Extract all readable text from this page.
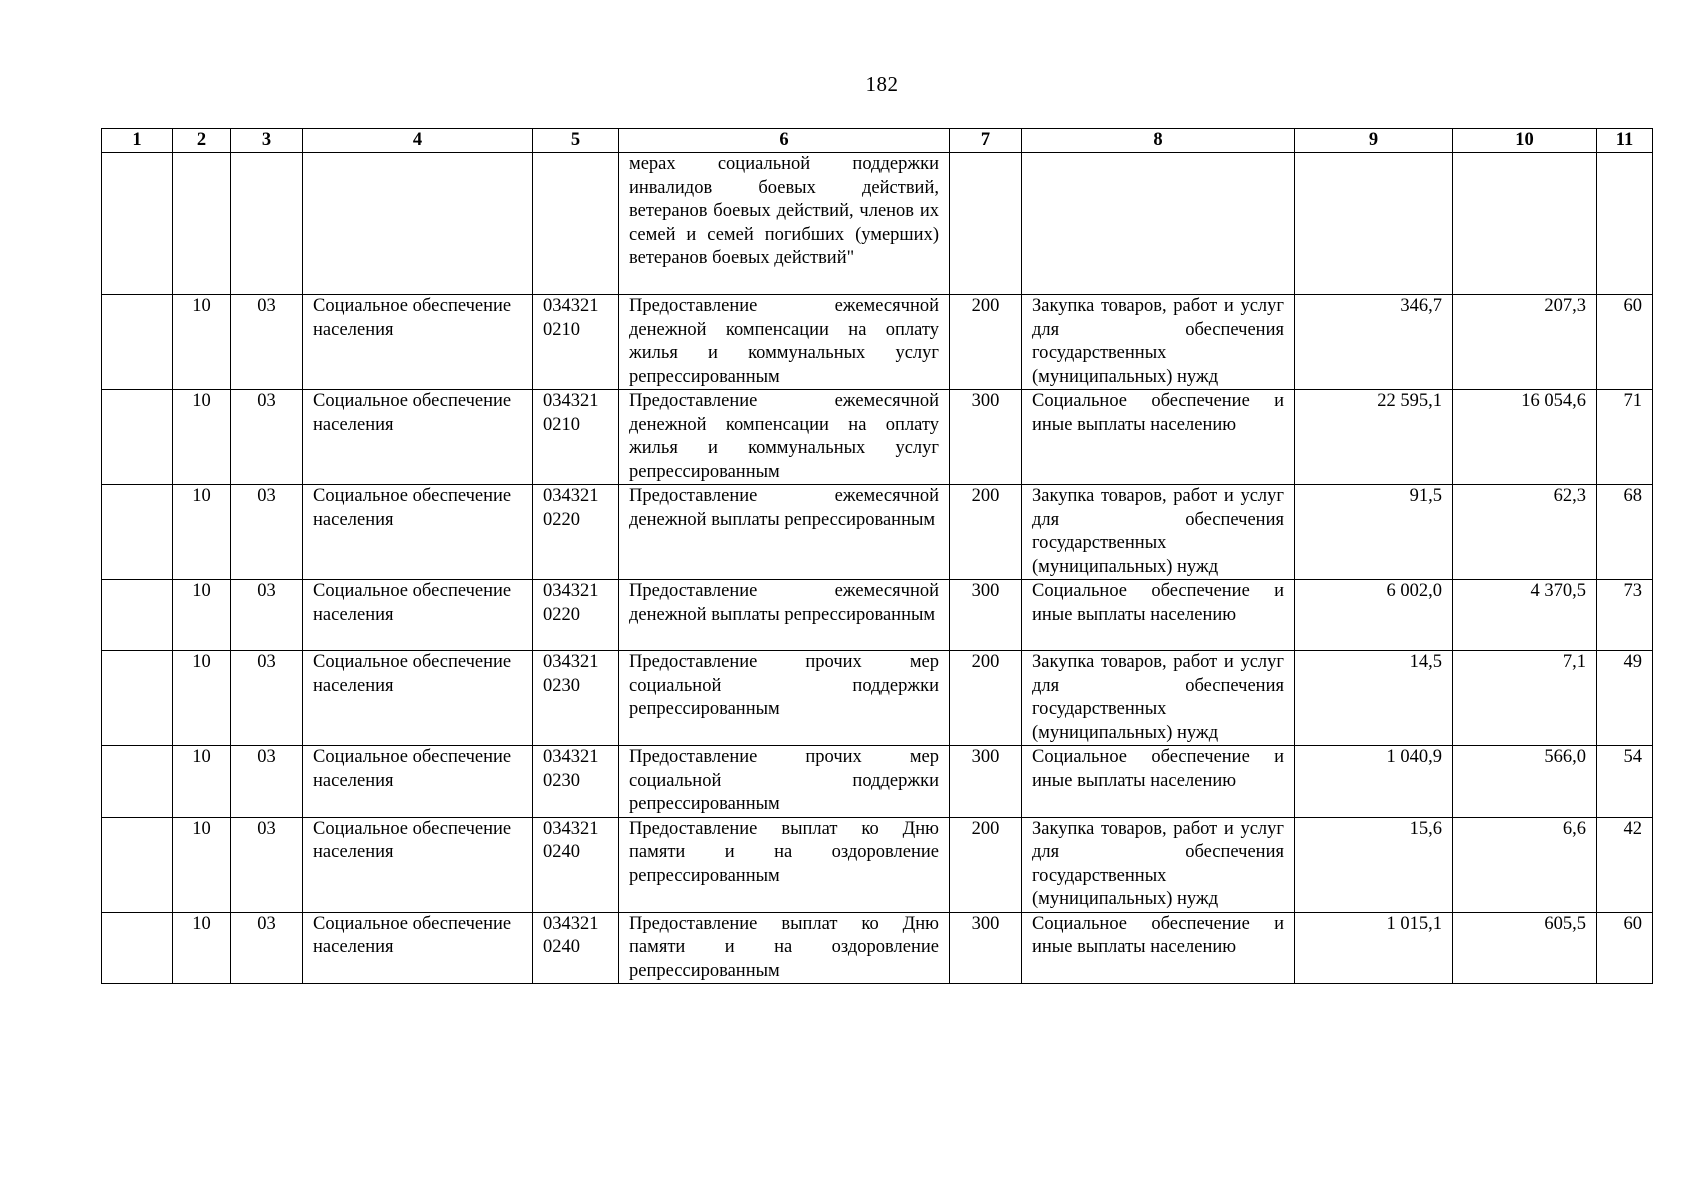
182
1	2	3	4	5	6	7	8	9	10	11
					мерах социальной поддержки инвалидов боевых действий, ветеранов боевых действий, членов их семей и семей погибших (умерших) ветеранов боевых действий"					
	10	03	Социальное обеспечение населения	034321 0210	Предоставление ежемесячной денежной компенсации на оплату жилья и коммунальных услуг репрессированным	200	Закупка товаров, работ и услуг для обеспечения государственных (муниципальных) нужд	346,7	207,3	60
	10	03	Социальное обеспечение населения	034321 0210	Предоставление ежемесячной денежной компенсации на оплату жилья и коммунальных услуг репрессированным	300	Социальное обеспечение и иные выплаты населению	22 595,1	16 054,6	71
	10	03	Социальное обеспечение населения	034321 0220	Предоставление ежемесячной денежной выплаты репрессированным	200	Закупка товаров, работ и услуг для обеспечения государственных (муниципальных) нужд	91,5	62,3	68
	10	03	Социальное обеспечение населения	034321 0220	Предоставление ежемесячной денежной выплаты репрессированным	300	Социальное обеспечение и иные выплаты населению	6 002,0	4 370,5	73
	10	03	Социальное обеспечение населения	034321 0230	Предоставление прочих мер социальной поддержки репрессированным	200	Закупка товаров, работ и услуг для обеспечения государственных (муниципальных) нужд	14,5	7,1	49
	10	03	Социальное обеспечение населения	034321 0230	Предоставление прочих мер социальной поддержки репрессированным	300	Социальное обеспечение и иные выплаты населению	1 040,9	566,0	54
	10	03	Социальное обеспечение населения	034321 0240	Предоставление выплат ко Дню памяти и на оздоровление репрессированным	200	Закупка товаров, работ и услуг для обеспечения государственных (муниципальных) нужд	15,6	6,6	42
	10	03	Социальное обеспечение населения	034321 0240	Предоставление выплат ко Дню памяти и на оздоровление репрессированным	300	Социальное обеспечение и иные выплаты населению	1 015,1	605,5	60
